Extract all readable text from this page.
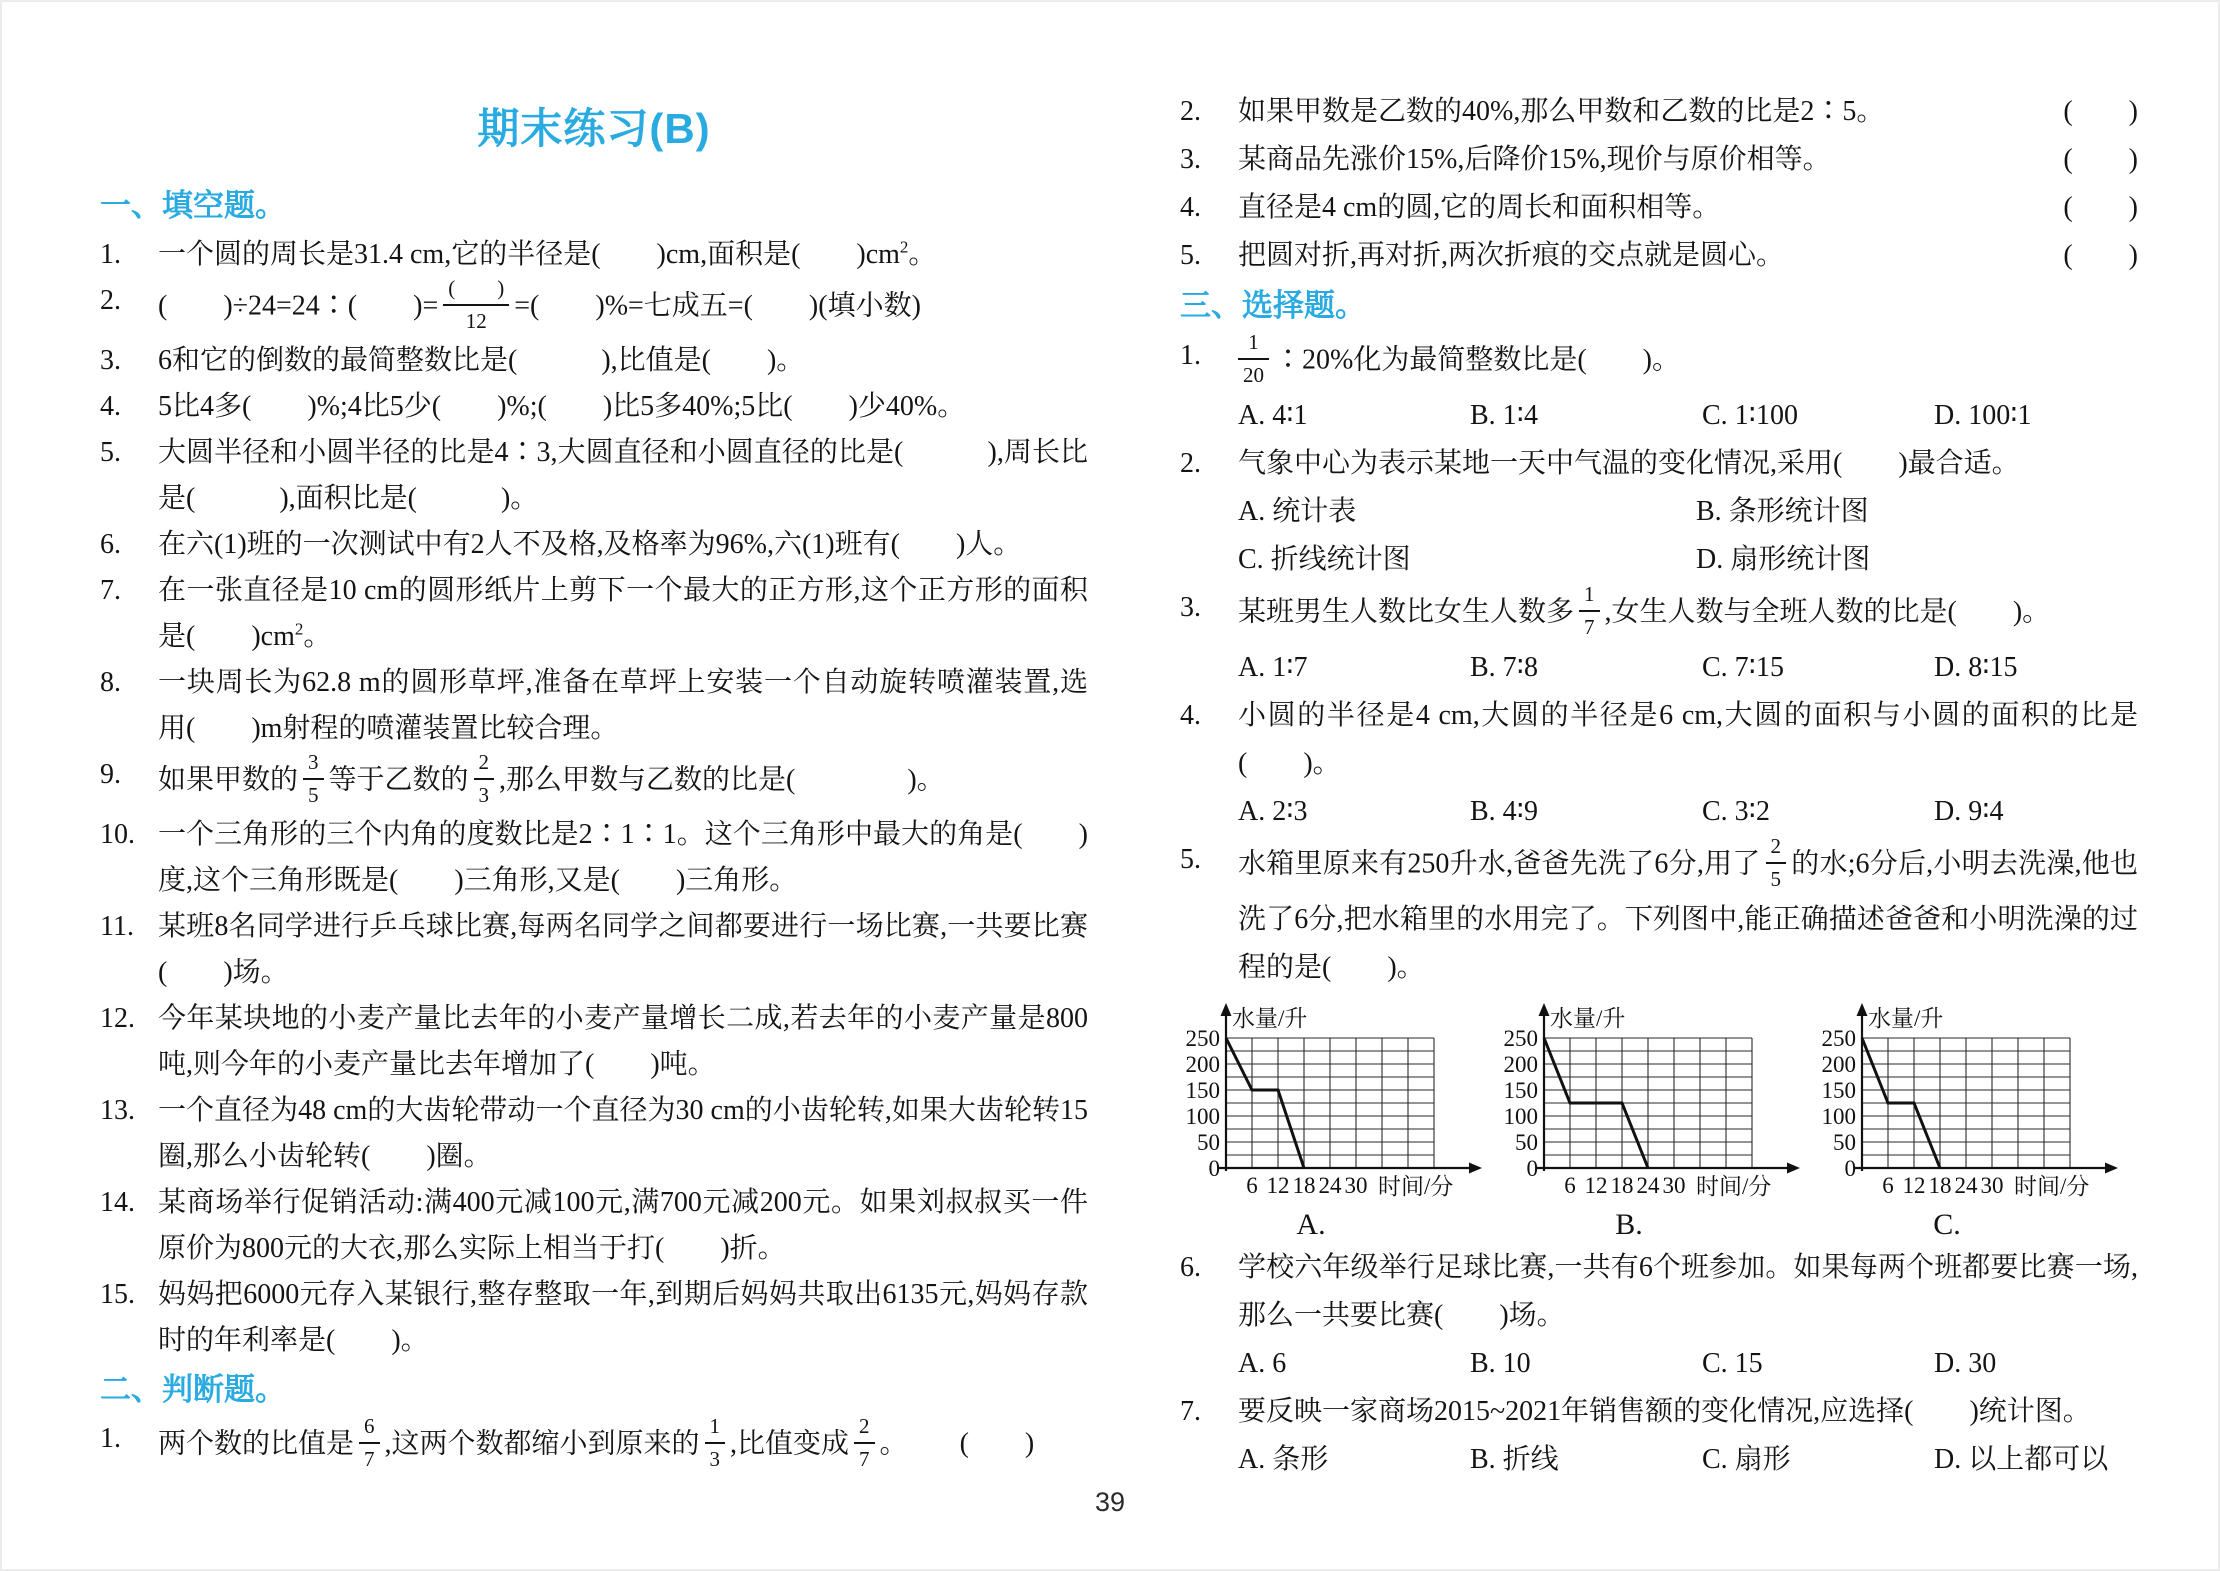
期末练习(B)
一、填空题。
1. 一个圆的周长是31.4 cm,它的半径是(　　)cm,面积是(　　)$cm^2$。
2. (　　)÷24=24∶(　　)= $\frac{( )}{12}$ =(　　)%=七成五=(　　)(填小数)
3. 6和它的倒数的最简整数比是(　　　),比值是(　　)。
4. 5比4多(　　)%;4比5少(　　)%;(　　)比5多40%;5比(　　)少40%。
5. 大圆半径和小圆半径的比是4∶3,大圆直径和小圆直径的比是(　　　),周长比是(　　　),面积比是(　　　)。
6. 在六(1)班的一次测试中有2人不及格,及格率为96%,六(1)班有(　　)人。
7. 在一张直径是10 cm的圆形纸片上剪下一个最大的正方形,这个正方形的面积是(　　)$cm^2$。
8. 一块周长为62.8 m的圆形草坪,准备在草坪上安装一个自动旋转喷灌装置,选用(　　)m射程的喷灌装置比较合理。
9. 如果甲数的 $\frac{3}{5}$ 等于乙数的 $\frac{2}{3}$ ,那么甲数与乙数的比是(　　　　)。
10. 一个三角形的三个内角的度数比是2∶1∶1。这个三角形中最大的角是(　　)度,这个三角形既是(　　)三角形,又是(　　)三角形。
11. 某班8名同学进行乒乓球比赛,每两名同学之间都要进行一场比赛,一共要比赛(　　)场。
12. 今年某块地的小麦产量比去年的小麦产量增长二成,若去年的小麦产量是800吨,则今年的小麦产量比去年增加了(　　)吨。
13. 一个直径为48 cm的大齿轮带动一个直径为30 cm的小齿轮转,如果大齿轮转15圈,那么小齿轮转(　　)圈。
14. 某商场举行促销活动:满400元减100元,满700元减200元。如果刘叔叔买一件原价为800元的大衣,那么实际上相当于打(　　)折。
15. 妈妈把6000元存入某银行,整存整取一年,到期后妈妈共取出6135元,妈妈存款时的年利率是(　　)。
二、判断题。
1. 两个数的比值是 $\frac{6}{7}$ ,这两个数都缩小到原来的 $\frac{1}{3}$ ,比值变成 $\frac{2}{7}$ 。 (　　)
2. 如果甲数是乙数的40%,那么甲数和乙数的比是2∶5。	(　　)
3. 某商品先涨价15%,后降价15%,现价与原价相等。	(　　)
4. 直径是4 cm的圆,它的周长和面积相等。	(　　)
5. 把圆对折,再对折,两次折痕的交点就是圆心。	(　　)
三、选择题。
1. $\frac{1}{20}$ ∶20%化为最简整数比是(　　)。
A. 4∶1	B. 1∶4	C. 1∶100	D. 100∶1
2. 气象中心为表示某地一天中气温的变化情况,采用(　　)最合适。
A. 统计表	B. 条形统计图
C. 折线统计图	D. 扇形统计图
3. 某班男生人数比女生人数多 $\frac{1}{7}$ ,女生人数与全班人数的比是(　　)。
A. 1∶7	B. 7∶8	C. 7∶15	D. 8∶15
4. 小圆的半径是4 cm,大圆的半径是6 cm,大圆的面积与小圆的面积的比是(　　)。
A. 2∶3	B. 4∶9	C. 3∶2	D. 9∶4
5. 水箱里原来有250升水,爸爸先洗了6分,用了 $\frac{2}{5}$ 的水;6分后,小明去洗澡,他也洗了6分,把水箱里的水用完了。下列图中,能正确描述爸爸和小明洗澡的过程的是(　　)。
水量/升
250
200
150
100
50
0
6 12 18 24 30 时间/分
A.
水量/升
250
200
150
100
50
0
6 12 18 24 30 时间/分
B.
水量/升
250
200
150
100
50
0
6 12 18 24 30 时间/分
C.
6. 学校六年级举行足球比赛,一共有6个班参加。如果每两个班都要比赛一场,那么一共要比赛(　　)场。
A. 6	B. 10	C. 15	D. 30
7. 要反映一家商场2015~2021年销售额的变化情况,应选择(　　)统计图。
A. 条形	B. 折线	C. 扇形	D. 以上都可以
39
